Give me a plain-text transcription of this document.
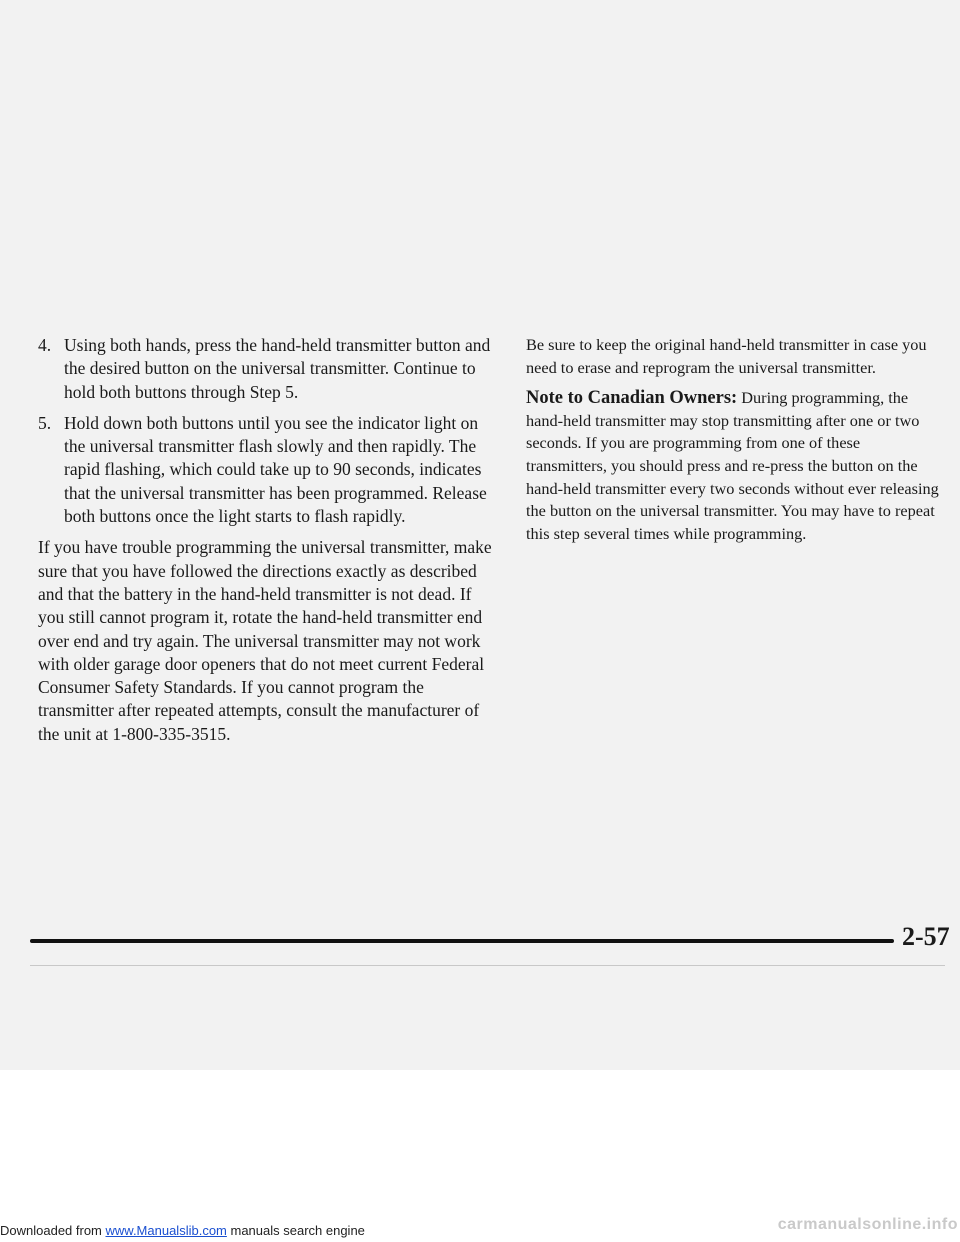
4. Using both hands, press the hand-held transmitter button and the desired button on the universal transmitter. Continue to hold both buttons through Step 5.
5. Hold down both buttons until you see the indicator light on the universal transmitter flash slowly and then rapidly. The rapid flashing, which could take up to 90 seconds, indicates that the universal transmitter has been programmed. Release both buttons once the light starts to flash rapidly.

If you have trouble programming the universal transmitter, make sure that you have followed the directions exactly as described and that the battery in the hand-held transmitter is not dead. If you still cannot program it, rotate the hand-held transmitter end over end and try again. The universal transmitter may not work with older garage door openers that do not meet current Federal Consumer Safety Standards. If you cannot program the transmitter after repeated attempts, consult the manufacturer of the unit at 1-800-335-3515.

Be sure to keep the original hand-held transmitter in case you need to erase and reprogram the universal transmitter.

Note to Canadian Owners: During programming, the hand-held transmitter may stop transmitting after one or two seconds. If you are programming from one of these transmitters, you should press and re-press the button on the hand-held transmitter every two seconds without ever releasing the button on the universal transmitter. You may have to repeat this step several times while programming.

2-57
Downloaded from www.Manualslib.com manuals search engine	carmanualsonline.info
